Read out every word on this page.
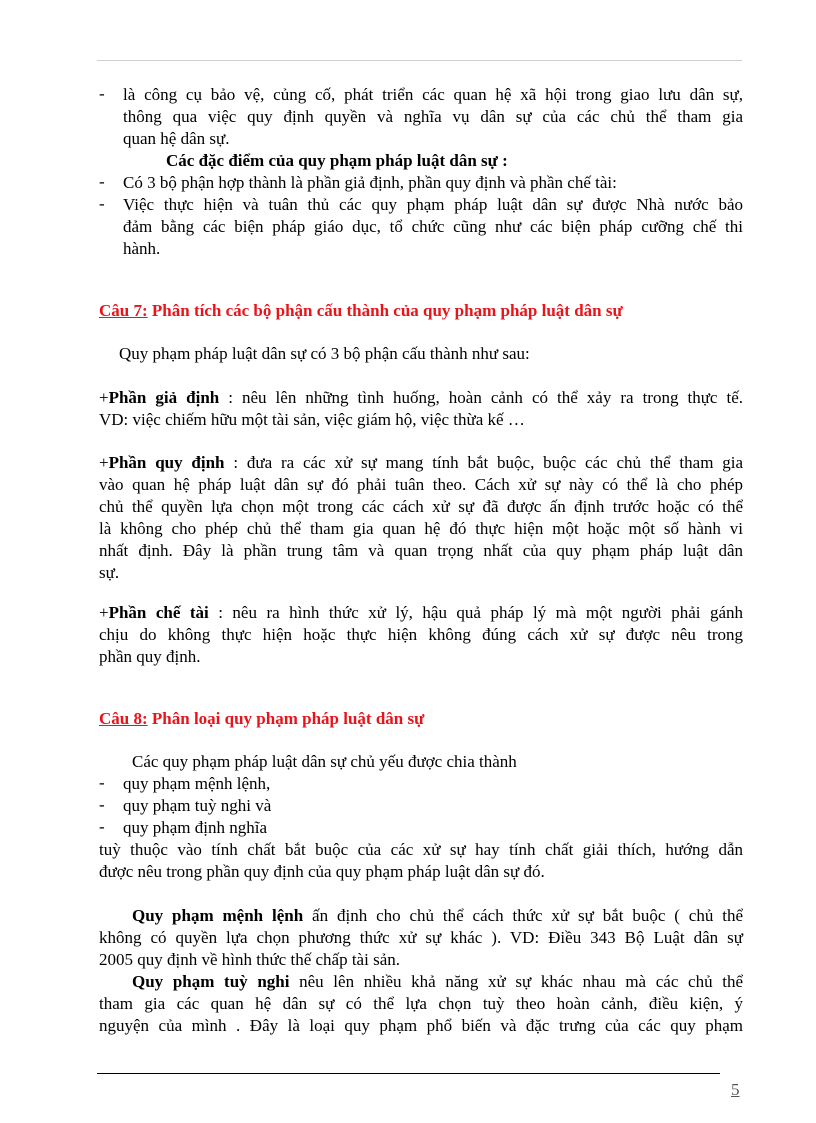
- là công cụ bảo vệ, củng cố, phát triển các quan hệ xã hội trong giao lưu dân sự,
thông qua việc quy định quyền và nghĩa vụ dân sự của các chủ thể tham gia
quan hệ dân sự.
Các đặc điểm của quy phạm pháp luật dân sự :
- Có 3 bộ phận hợp thành là phần giả định, phần quy định và phần chế tài:
- Việc thực hiện và tuân thủ các quy phạm pháp luật dân sự được Nhà nước bảo
đảm bằng các biện pháp giáo dục, tổ chức cũng như các biện pháp cưỡng chế thi
hành.
Câu 7: Phân tích các bộ phận cấu thành của quy phạm pháp luật dân sự
Quy phạm pháp luật dân sự có 3 bộ phận cấu thành như sau:
+Phần giả định : nêu lên những tình huống, hoàn cảnh có thể xảy ra trong thực tế.
VD: việc chiếm hữu một tài sản, việc giám hộ, việc thừa kế …
+Phần quy định : đưa ra các xử sự mang tính bắt buộc, buộc các chủ thể tham gia
vào quan hệ pháp luật dân sự đó phải tuân theo. Cách xử sự này có thể là cho phép
chủ thể quyền lựa chọn một trong các cách xử sự đã được ấn định trước hoặc có thể
là không cho phép chủ thể tham gia quan hệ đó thực hiện một hoặc một số hành vi
nhất định. Đây là phần trung tâm và quan trọng nhất của quy phạm pháp luật dân
sự.
+Phần chế tài : nêu ra hình thức xử lý, hậu quả pháp lý mà một người phải gánh
chịu do không thực hiện hoặc thực hiện không đúng cách xử sự được nêu trong
phần quy định.
Câu 8: Phân loại quy phạm pháp luật dân sự
Các quy phạm pháp luật dân sự chủ yếu được chia thành
- quy phạm mệnh lệnh,
- quy phạm tuỳ nghi và
- quy phạm định nghĩa
tuỳ thuộc vào tính chất bắt buộc của các xử sự hay tính chất giải thích, hướng dẫn
được nêu trong phần quy định của quy phạm pháp luật dân sự đó.
Quy phạm mệnh lệnh ấn định cho chủ thể cách thức xử sự bắt buộc ( chủ thể
không có quyền lựa chọn phương thức xử sự khác ). VD: Điều 343 Bộ Luật dân sự
2005 quy định về hình thức thế chấp tài sản.
Quy phạm tuỳ nghi nêu lên nhiều khả năng xử sự khác nhau mà các chủ thể
tham gia các quan hệ dân sự có thể lựa chọn tuỳ theo hoàn cảnh, điều kiện, ý
nguyện của mình . Đây là loại quy phạm phổ biến và đặc trưng của các quy phạm
5
